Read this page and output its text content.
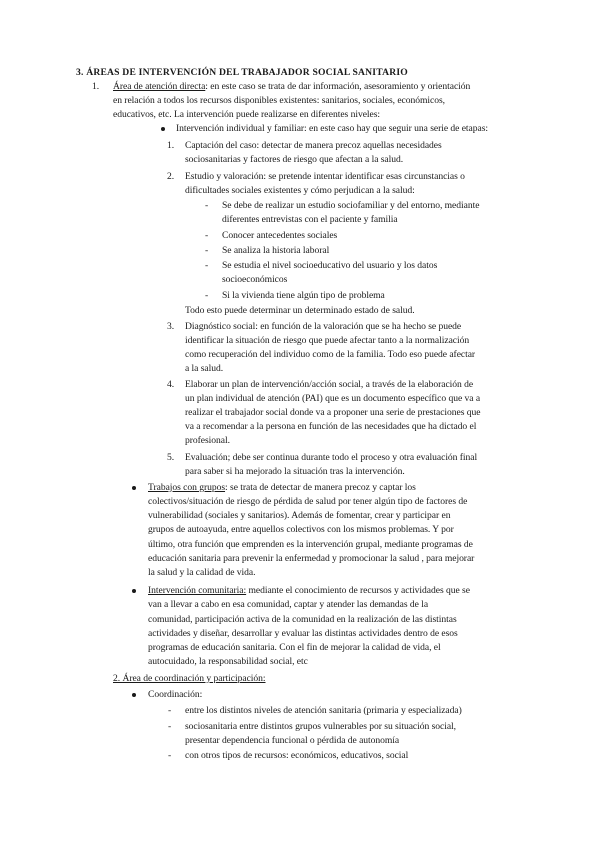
3. ÁREAS DE INTERVENCIÓN DEL TRABAJADOR SOCIAL SANITARIO
1. Área de atención directa: en este caso se trata de dar información, asesoramiento y orientación
en relación a todos los recursos disponibles existentes: sanitarios, sociales, económicos,
educativos, etc. La intervención puede realizarse en diferentes niveles:
Intervención individual y familiar: en este caso hay que seguir una serie de etapas:
1. Captación del caso: detectar de manera precoz aquellas necesidades
sociosanitarias y factores de riesgo que afectan a la salud.
2. Estudio y valoración: se pretende intentar identificar esas circunstancias o
dificultades sociales existentes y cómo perjudican a la salud:
- Se debe de realizar un estudio sociofamiliar y del entorno, mediante
diferentes entrevistas con el paciente y familia
- Conocer antecedentes sociales
- Se analiza la historia laboral
- Se estudia el nivel socioeducativo del usuario y los datos
socioeconómicos
- Si la vivienda tiene algún tipo de problema
Todo esto puede determinar un determinado estado de salud.
3. Diagnóstico social: en función de la valoración que se ha hecho se puede
identificar la situación de riesgo que puede afectar tanto a la normalización
como recuperación del individuo como de la familia. Todo eso puede afectar
a la salud.
4. Elaborar un plan de intervención/acción social, a través de la elaboración de
un plan individual de atención (PAI) que es un documento específico que va a
realizar el trabajador social donde va a proponer una serie de prestaciones que
va a recomendar a la persona en función de las necesidades que ha dictado el
profesional.
5. Evaluación; debe ser continua durante todo el proceso y otra evaluación final
para saber si ha mejorado la situación tras la intervención.
Trabajos con grupos: se trata de detectar de manera precoz y captar los
colectivos/situación de riesgo de pérdida de salud por tener algún tipo de factores de
vulnerabilidad (sociales y sanitarios). Además de fomentar, crear y participar en
grupos de autoayuda, entre aquellos colectivos con los mismos problemas. Y por
último, otra función que emprenden es la intervención grupal, mediante programas de
educación sanitaria para prevenir la enfermedad y promocionar la salud , para mejorar
la salud y la calidad de vida.
Intervención comunitaria: mediante el conocimiento de recursos y actividades que se
van a llevar a cabo en esa comunidad, captar y atender las demandas de la
comunidad, participación activa de la comunidad en la realización de las distintas
actividades y diseñar, desarrollar y evaluar las distintas actividades dentro de esos
programas de educación sanitaria. Con el fin de mejorar la calidad de vida, el
autocuidado, la responsabilidad social, etc
2. Área de coordinación y participación:
Coordinación:
- entre los distintos niveles de atención sanitaria (primaria y especializada)
- sociosanitaria entre distintos grupos vulnerables por su situación social,
presentar dependencia funcional o pérdida de autonomía
- con otros tipos de recursos: económicos, educativos, social
